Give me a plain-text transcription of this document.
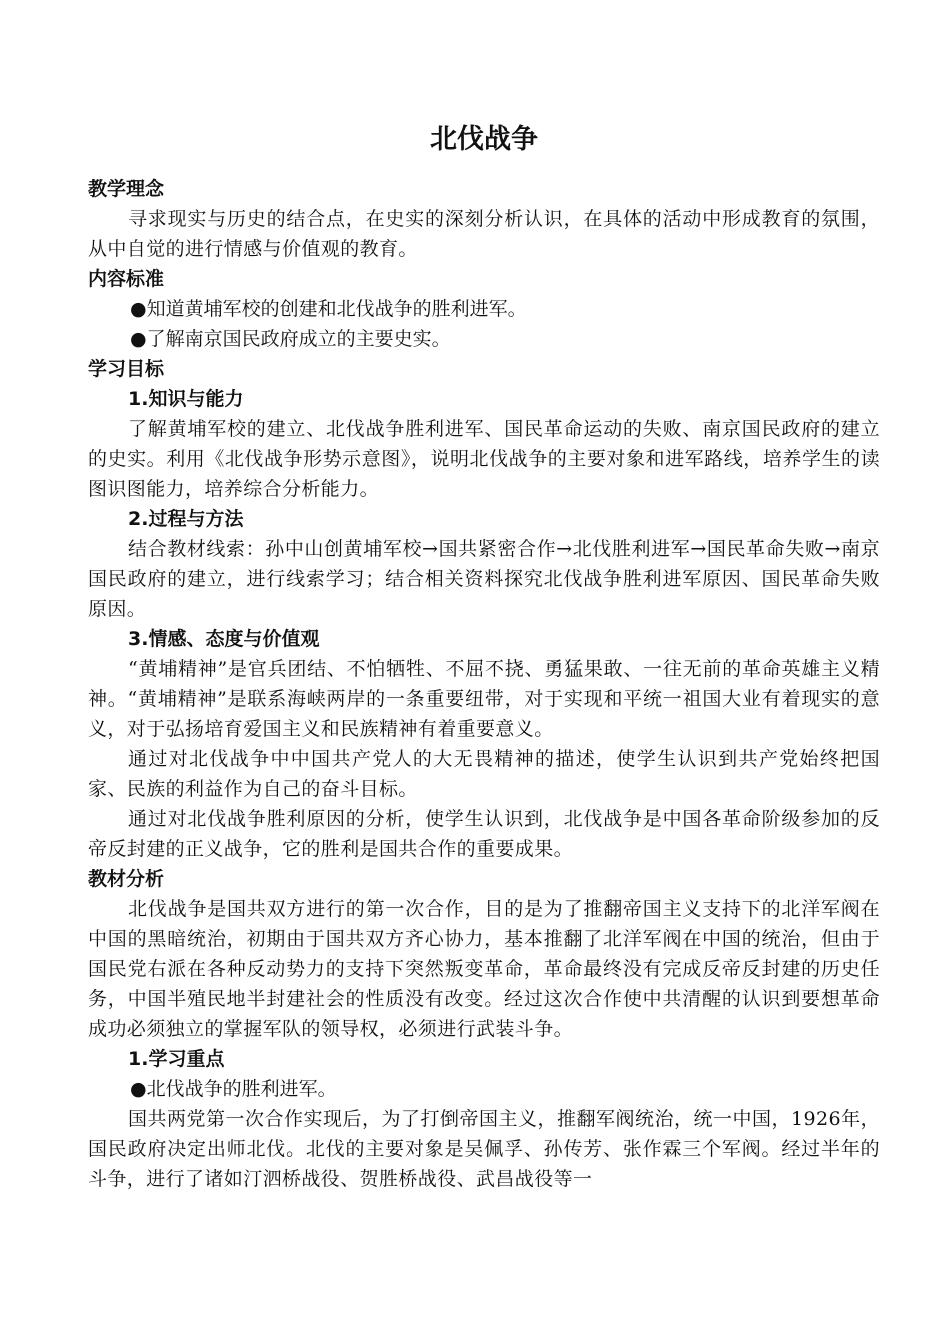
北伐战争
教学理念
寻求现实与历史的结合点，在史实的深刻分析认识，在具体的活动中形成教育的氛围，从中自觉的进行情感与价值观的教育。
内容标准
●知道黄埔军校的创建和北伐战争的胜利进军。
●了解南京国民政府成立的主要史实。
学习目标
1.知识与能力
了解黄埔军校的建立、北伐战争胜利进军、国民革命运动的失败、南京国民政府的建立的史实。利用《北伐战争形势示意图》，说明北伐战争的主要对象和进军路线，培养学生的读图识图能力，培养综合分析能力。
2.过程与方法
结合教材线索：孙中山创黄埔军校→国共紧密合作→北伐胜利进军→国民革命失败→南京国民政府的建立，进行线索学习；结合相关资料探究北伐战争胜利进军原因、国民革命失败原因。
3.情感、态度与价值观
“黄埔精神”是官兵团结、不怕牺牲、不屈不挠、勇猛果敢、一往无前的革命英雄主义精神。“黄埔精神”是联系海峡两岸的一条重要纽带，对于实现和平统一祖国大业有着现实的意义，对于弘扬培育爱国主义和民族精神有着重要意义。
通过对北伐战争中中国共产党人的大无畏精神的描述，使学生认识到共产党始终把国家、民族的利益作为自己的奋斗目标。
通过对北伐战争胜利原因的分析，使学生认识到，北伐战争是中国各革命阶级参加的反帝反封建的正义战争，它的胜利是国共合作的重要成果。
教材分析
北伐战争是国共双方进行的第一次合作，目的是为了推翻帝国主义支持下的北洋军阀在中国的黑暗统治，初期由于国共双方齐心协力，基本推翻了北洋军阀在中国的统治，但由于国民党右派在各种反动势力的支持下突然叛变革命，革命最终没有完成反帝反封建的历史任务，中国半殖民地半封建社会的性质没有改变。经过这次合作使中共清醒的认识到要想革命成功必须独立的掌握军队的领导权，必须进行武装斗争。
1.学习重点
●北伐战争的胜利进军。
国共两党第一次合作实现后，为了打倒帝国主义，推翻军阀统治，统一中国，1926年，国民政府决定出师北伐。北伐的主要对象是吴佩孚、孙传芳、张作霖三个军阀。经过半年的斗争，进行了诸如汀泗桥战役、贺胜桥战役、武昌战役等一
